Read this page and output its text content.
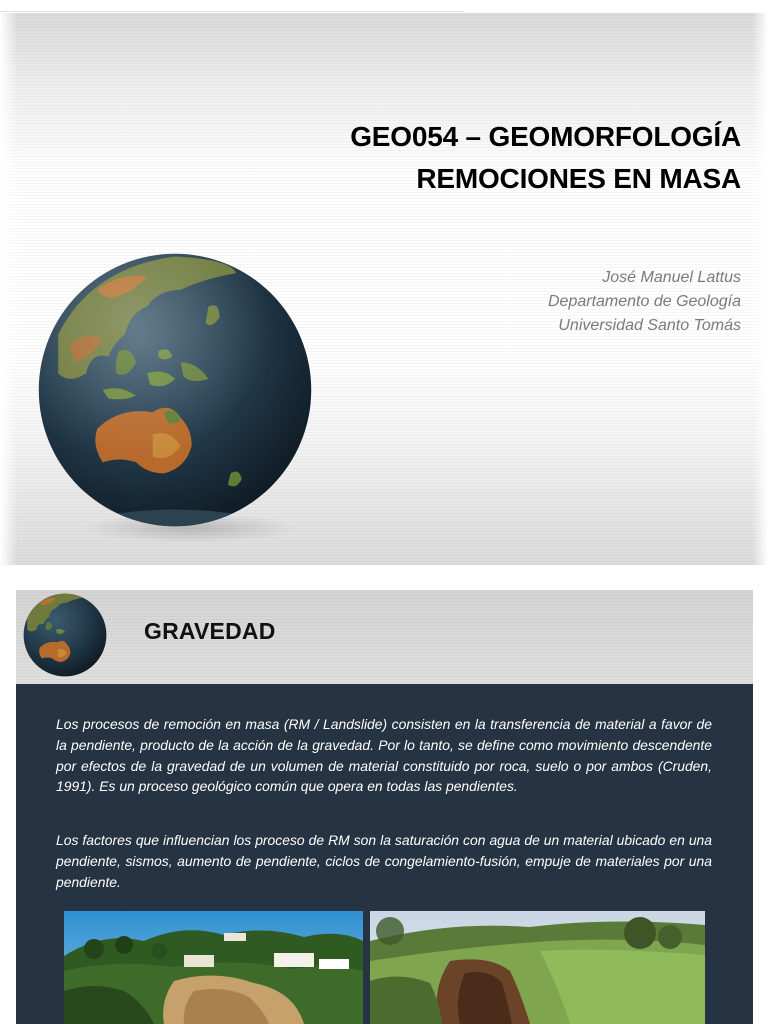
GEO054 – GEOMORFOLOGÍA
REMOCIONES EN MASA
José Manuel Lattus
Departamento de Geología
Universidad Santo Tomás
GRAVEDAD

Los procesos de remoción en masa (RM / Landslide) consisten en la transferencia de material a favor de la pendiente, producto de la acción de la gravedad. Por lo tanto, se define como movimiento descendente por efectos de la gravedad de un volumen de material constituido por roca, suelo o por ambos (Cruden, 1991). Es un proceso geológico común que opera en todas las pendientes.

Los factores que influencian los proceso de RM son la saturación con agua de un material ubicado en una pendiente, sismos, aumento de pendiente, ciclos de congelamiento-fusión, empuje de materiales por una pendiente.
